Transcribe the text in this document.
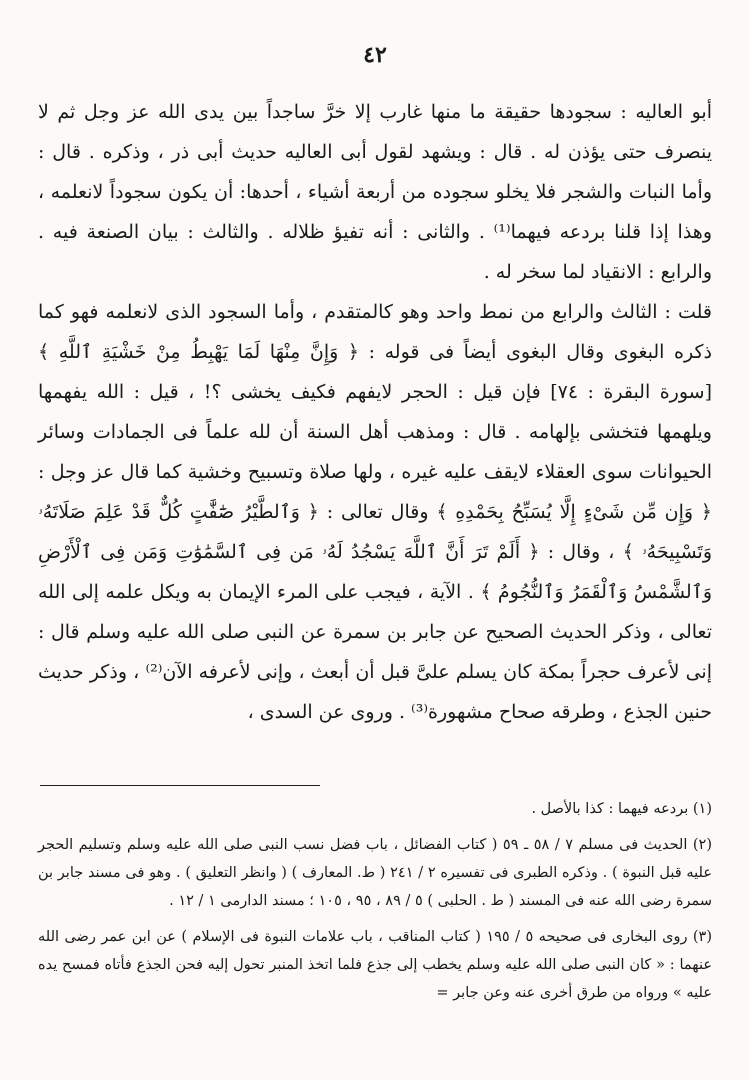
٤٢

أبو العاليه : سجودها حقيقة ما منها غارب إلا خرَّ ساجداً بين يدى الله عز وجل ثم لا ينصرف حتى يؤذن له . قال : ويشهد لقول أبى العاليه حديث أبى ذر ، وذكره . قال : وأما النبات والشجر فلا يخلو سجوده من أربعة أشياء ، أحدها: أن يكون سجوداً لانعلمه ، وهذا إذا قلنا بردعه فيهما⁽¹⁾ . والثانى : أنه تفيؤ ظلاله . والثالث : بيان الصنعة فيه . والرابع : الانقياد لما سخر له .

قلت : الثالث والرابع من نمط واحد وهو كالمتقدم ، وأما السجود الذى لانعلمه فهو كما ذكره البغوى وقال البغوى أيضاً فى قوله : ﴿ وَإِنَّ مِنْهَا لَمَا يَهْبِطُ مِنْ خَشْيَةِ ٱللَّهِ ﴾ [سورة البقرة : ٧٤] فإن قيل : الحجر لايفهم فكيف يخشى ؟! ، قيل : الله يفهمها ويلهمها فتخشى بإلهامه . قال : ومذهب أهل السنة أن لله علماً فى الجمادات وسائر الحيوانات سوى العقلاء لايقف عليه غيره ، ولها صلاة وتسبيح وخشية كما قال عز وجل : ﴿ وَإِن مِّن شَىْءٍ إِلَّا يُسَبِّحُ بِحَمْدِهِ ﴾ وقال تعالى : ﴿ وَٱلطَّيْرُ صَٰٓفَّٰتٍ كُلٌّ قَدْ عَلِمَ صَلَاتَهُۥ وَتَسْبِيحَهُۥ ﴾ ، وقال : ﴿ أَلَمْ تَرَ أَنَّ ٱللَّهَ يَسْجُدُ لَهُۥ مَن فِى ٱلسَّمَٰوَٰتِ وَمَن فِى ٱلْأَرْضِ وَٱلشَّمْسُ وَٱلْقَمَرُ وَٱلنُّجُومُ ﴾ . الآية ، فيجب على المرء الإيمان به ويكل علمه إلى الله تعالى ، وذكر الحديث الصحيح عن جابر بن سمرة عن النبى صلى الله عليه وسلم قال : إنى لأعرف حجراً بمكة كان يسلم علىَّ قبل أن أبعث ، وإنى لأعرفه الآن⁽²⁾ ، وذكر حديث حنين الجذع ، وطرقه صحاح مشهورة⁽³⁾ . وروى عن السدى ،

(١) بردعه فيهما : كذا بالأصل .

(٢) الحديث فى مسلم ٧ / ٥٨ ـ ٥٩ ( كتاب الفضائل ، باب فضل نسب النبى صلى الله عليه وسلم وتسليم الحجر عليه قبل النبوة ) . وذكره الطبرى فى تفسيره ٢ / ٢٤١ ( ط. المعارف ) ( وانظر التعليق ) . وهو فى مسند جابر بن سمرة رضى الله عنه فى المسند ( ط . الحلبى ) ٥ / ٨٩ ، ٩٥ ، ١٠٥ ؛ مسند الدارمى ١ / ١٢ .

(٣) روى البخارى فى صحيحه ٥ / ١٩٥ ( كتاب المناقب ، باب علامات النبوة فى الإسلام ) عن ابن عمر رضى الله عنهما : « كان النبى صلى الله عليه وسلم يخطب إلى جذع فلما اتخذ المنبر تحول إليه فحن الجذع فأتاه فمسح يده عليه » ورواه من طرق أخرى عنه وعن جابر =
